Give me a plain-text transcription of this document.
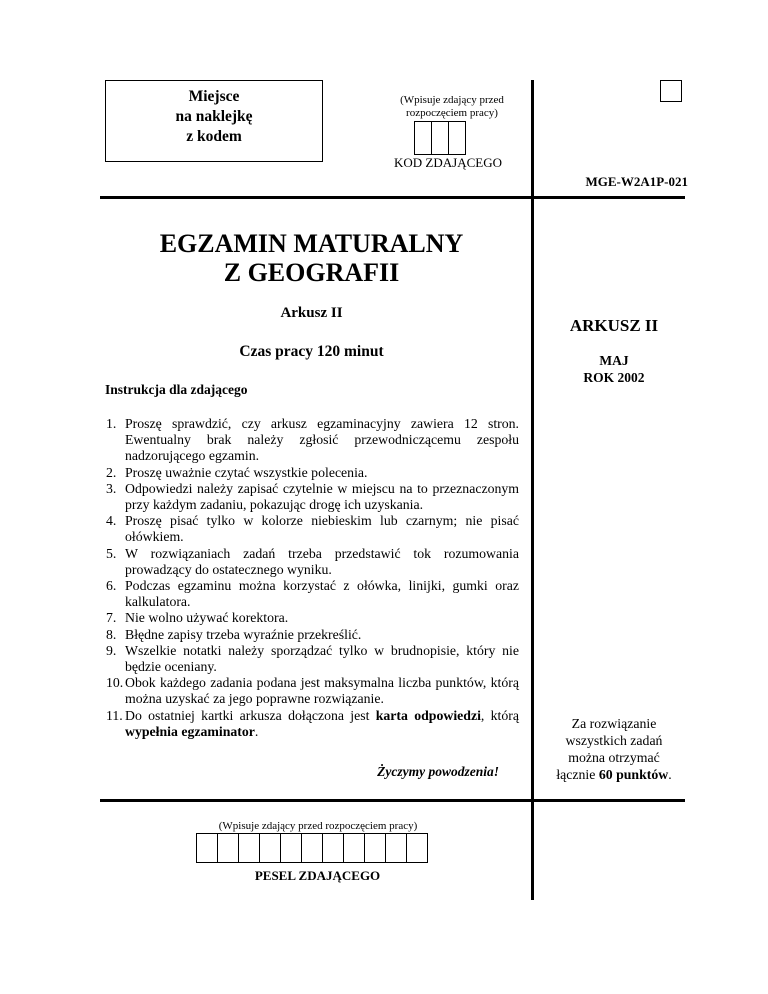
Miejsce
na naklejkę
z kodem
(Wpisuje zdający przed
rozpoczęciem pracy)
KOD ZDAJĄCEGO
MGE-W2A1P-021
ARKUSZ II
MAJ
ROK 2002
Za rozwiązanie
wszystkich zadań
można otrzymać
łącznie 60 punktów.
EGZAMIN MATURALNY
Z GEOGRAFII
Arkusz II
Czas pracy 120 minut
Instrukcja dla zdającego
1. Proszę sprawdzić, czy arkusz egzaminacyjny zawiera 12 stron. Ewentualny brak należy zgłosić przewodniczącemu zespołu nadzorującego egzamin.
2. Proszę uważnie czytać wszystkie polecenia.
3. Odpowiedzi należy zapisać czytelnie w miejscu na to przeznaczonym przy każdym zadaniu, pokazując drogę ich uzyskania.
4. Proszę pisać tylko w kolorze niebieskim lub czarnym; nie pisać ołówkiem.
5. W rozwiązaniach zadań trzeba przedstawić tok rozumowania prowadzący do ostatecznego wyniku.
6. Podczas egzaminu można korzystać z ołówka, linijki, gumki oraz kalkulatora.
7. Nie wolno używać korektora.
8. Błędne zapisy trzeba wyraźnie przekreślić.
9. Wszelkie notatki należy sporządzać tylko w brudnopisie, który nie będzie oceniany.
10. Obok każdego zadania podana jest maksymalna liczba punktów, którą można uzyskać za jego poprawne rozwiązanie.
11. Do ostatniej kartki arkusza dołączona jest karta odpowiedzi, którą wypełnia egzaminator.
Życzymy powodzenia!
(Wpisuje zdający przed rozpoczęciem pracy)
PESEL ZDAJĄCEGO
